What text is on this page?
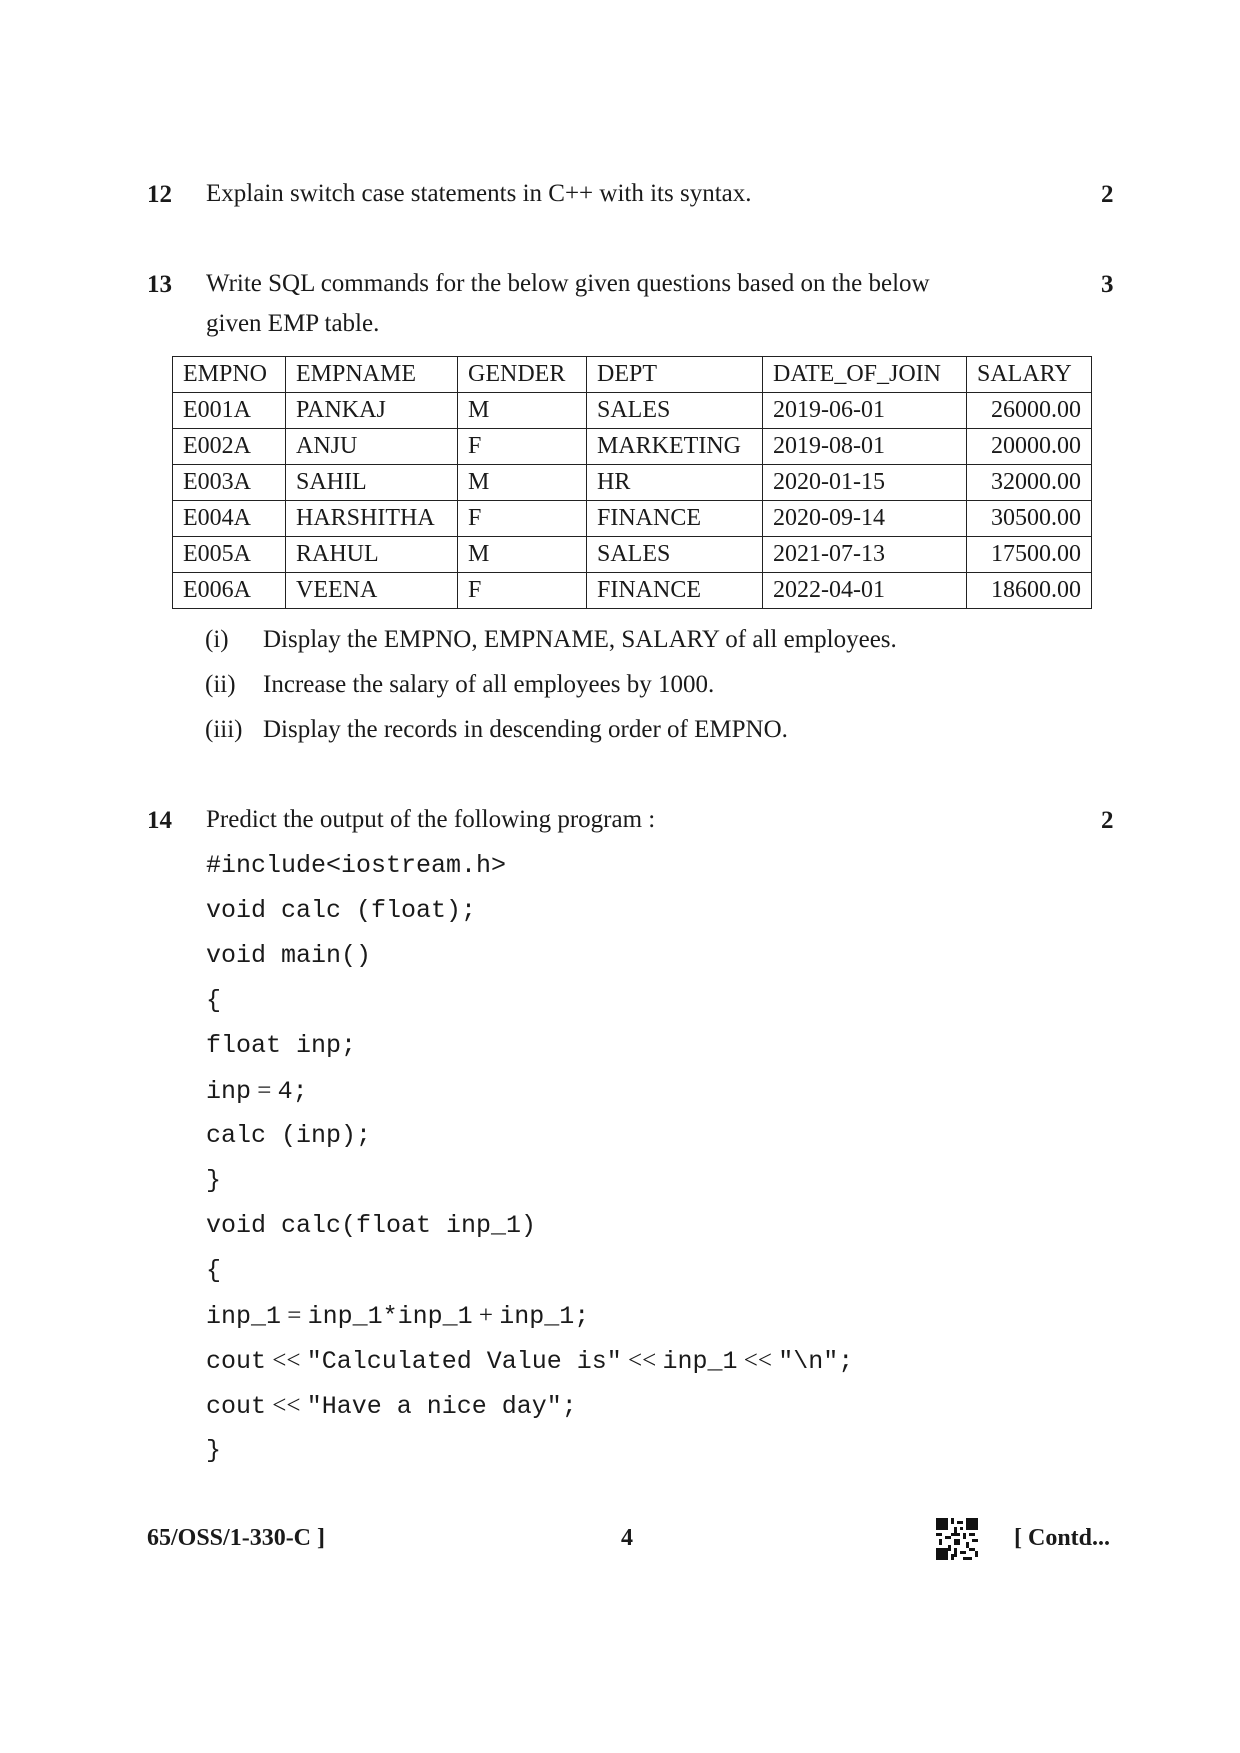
12 Explain switch case statements in C++ with its syntax.	2
13 Write SQL commands for the below given questions based on the below
given EMP table.
3
EMPNO	EMPNAME	GENDER	DEPT	DATE_OF_JOIN	SALARY
E001A	PANKAJ	M	SALES	2019-06-01	26000.00
E002A	ANJU	F	MARKETING	2019-08-01	20000.00
E003A	SAHIL	M	HR	2020-01-15	32000.00
E004A	HARSHITHA	F	FINANCE	2020-09-14	30500.00
E005A	RAHUL	M	SALES	2021-07-13	17500.00
E006A	VEENA	F	FINANCE	2022-04-01	18600.00
(i) Display the EMPNO, EMPNAME, SALARY of all employees.
(ii) Increase the salary of all employees by 1000.
(iii) Display the records in descending order of EMPNO.
14 Predict the output of the following program :	2
#include<iostream.h>
void calc (float);
void main()
{
float inp;
inp = 4;
calc (inp);
}
void calc(float inp_1)
{
inp_1 = inp_1*inp_1 + inp_1;
cout << "Calculated Value is" << inp_1 << "\n";
cout << "Have a nice day";
}
65/OSS/1-330-C ]	4	[ Contd...
